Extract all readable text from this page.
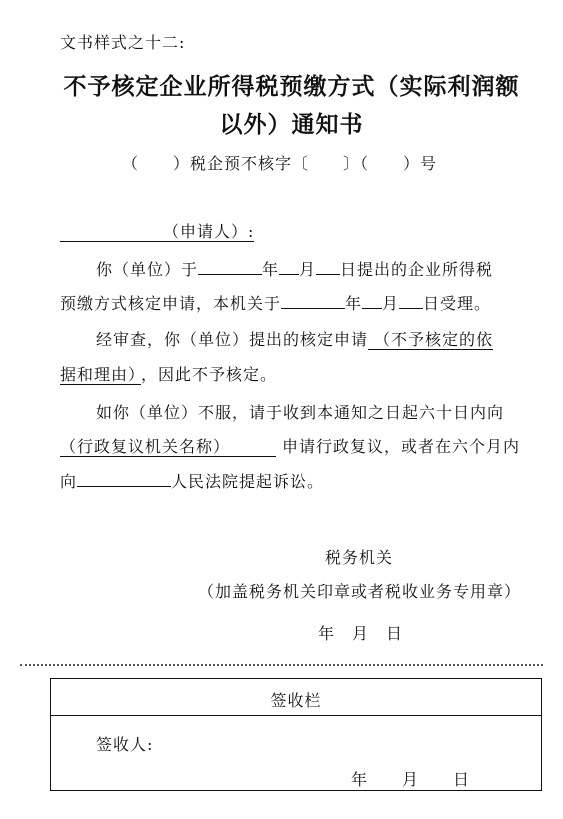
文书样式之十二:
不予核定企业所得税预缴方式（实际利润额
以外）通知书
（　　）税企预不核字〔　　〕（　　）号
（申请人）:
你（单位）于	年 月 日提出的企业所得税
预缴方式核定申请，本机关于	年 月 日受理。
经审查，你（单位）提出的核定申请 （不予核定的依
据和理由） ，因此不予核定。
如你（单位）不服，请于收到本通知之日起六十日内向
（行政复议机关名称）	申请行政复议，或者在六个月内
向	人民法院提起诉讼。
税务机关
（加盖税务机关印章或者税收业务专用章）
年　月　日
签收栏
签收人:
年　　月　　日
